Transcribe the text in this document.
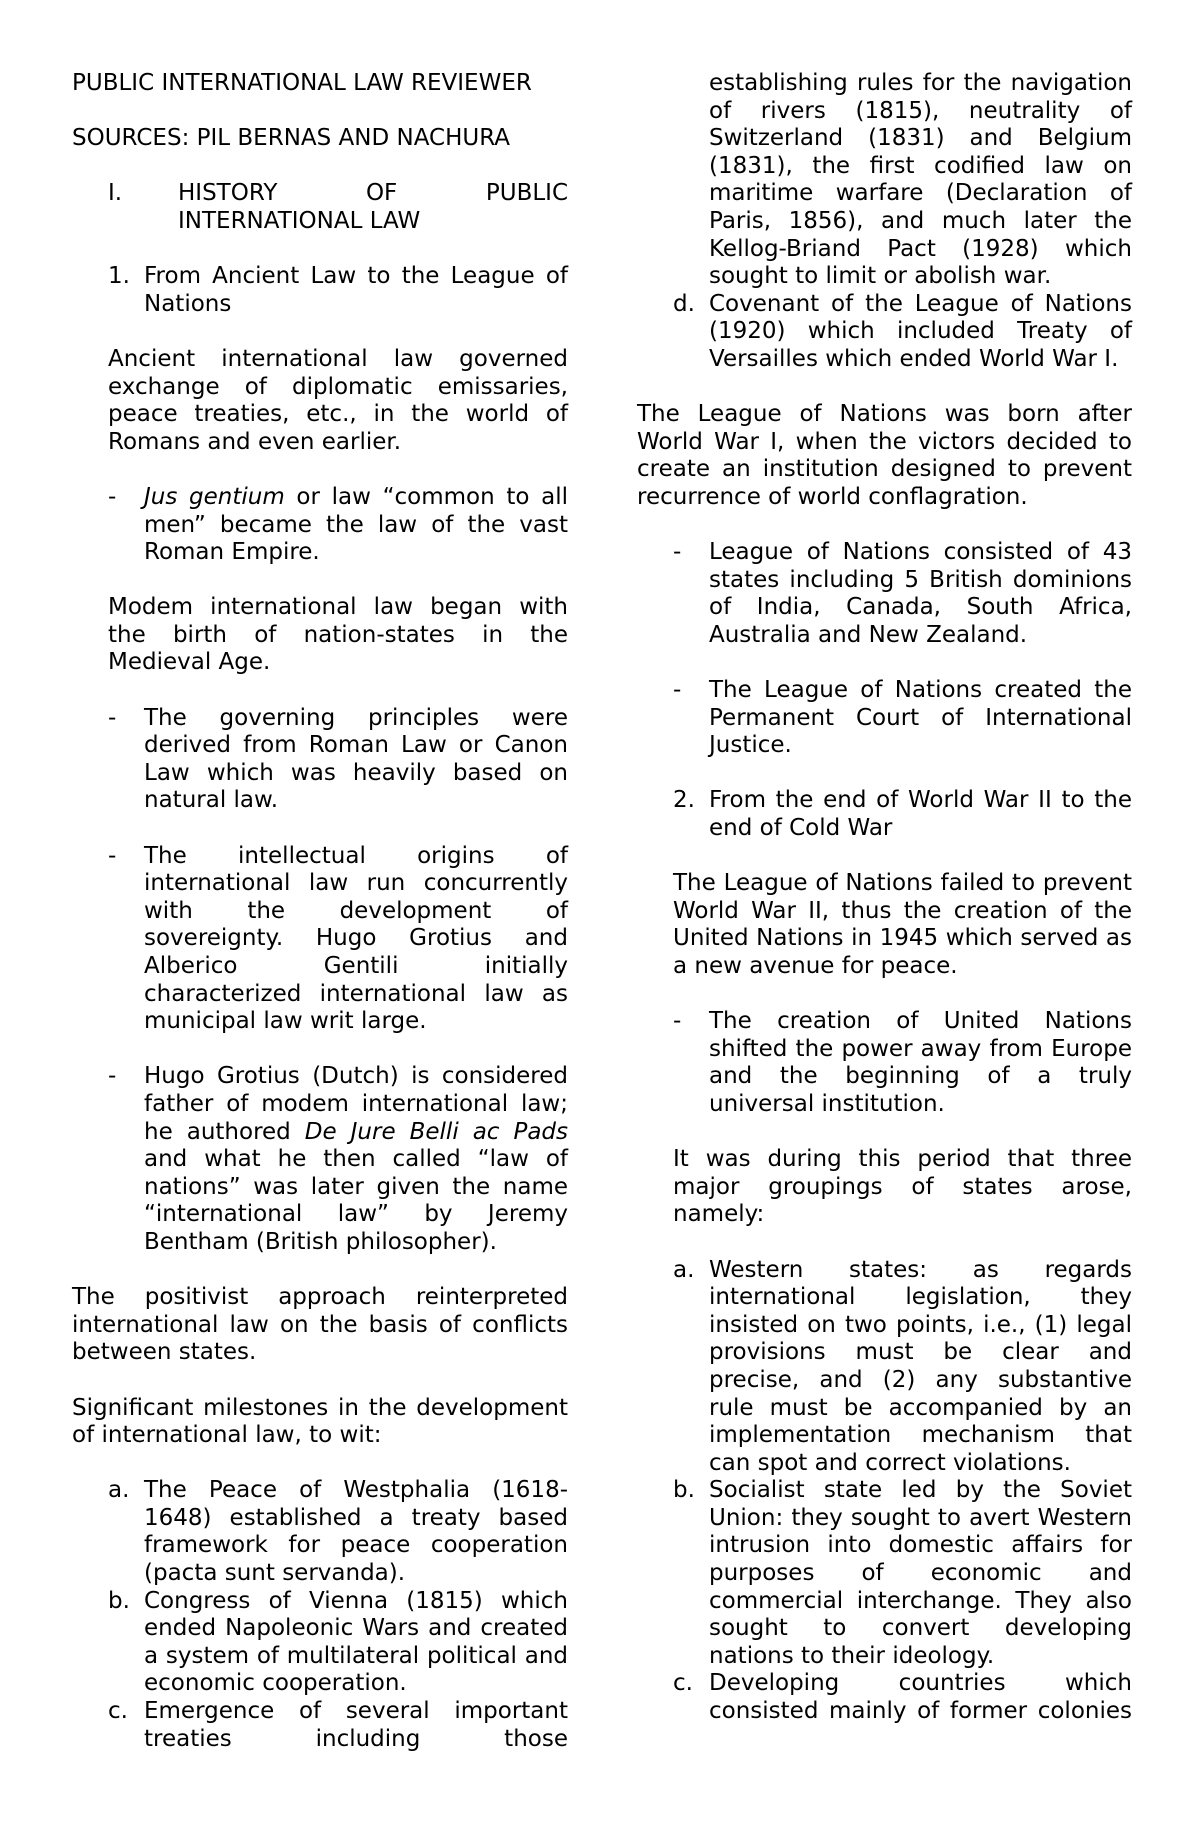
PUBLIC INTERNATIONAL LAW REVIEWER

SOURCES: PIL BERNAS AND NACHURA

I.	HISTORY OF PUBLIC

INTERNATIONAL LAW

1. From Ancient Law to the League of Nations

Ancient international law governed exchange of diplomatic emissaries, peace treaties, etc., in the world of Romans and even earlier.

-	Jus gentium or law “common to all men” became the law of the vast Roman Empire.

Modem international law began with the birth of nation-states in the Medieval Age.

-	The governing principles were derived from Roman Law or Canon Law which was heavily based on natural law.

-	The intellectual origins of international law run concurrently with the development of sovereignty. Hugo Grotius and Alberico Gentili initially characterized international law as municipal law writ large.

-	Hugo Grotius (Dutch) is considered father of modem international law; he authored De Jure Belli ac Pads and what he then called “law of nations” was later given the name “international law” by Jeremy Bentham (British philosopher).

The positivist approach reinterpreted international law on the basis of conflicts between states.

Significant milestones in the development of international law, to wit:

a. The Peace of Westphalia (1618-1648) established a treaty based framework for peace cooperation (pacta sunt servanda).

b. Congress of Vienna (1815) which ended Napoleonic Wars and created a system of multilateral political and economic cooperation.

c. Emergence of several important treaties including those

establishing rules for the navigation of rivers (1815), neutrality of Switzerland (1831) and Belgium (1831), the first codified law on maritime warfare (Declaration of Paris, 1856), and much later the Kellog-Briand Pact (1928) which sought to limit or abolish war.

d. Covenant of the League of Nations (1920) which included Treaty of Versailles which ended World War I.

The League of Nations was born after World War I, when the victors decided to create an institution designed to prevent recurrence of world conflagration.

-	League of Nations consisted of 43 states including 5 British dominions of India, Canada, South Africa, Australia and New Zealand.

-	The League of Nations created the Permanent Court of International Justice.

2. From the end of World War II to the end of Cold War

The League of Nations failed to prevent World War II, thus the creation of the United Nations in 1945 which served as a new avenue for peace.

-	The creation of United Nations shifted the power away from Europe and the beginning of a truly universal institution.

It was during this period that three major groupings of states arose, namely:

a. Western states: as regards international legislation, they insisted on two points, i.e., (1) legal provisions must be clear and precise, and (2) any substantive rule must be accompanied by an implementation mechanism that can spot and correct violations.

b. Socialist state led by the Soviet Union: they sought to avert Western intrusion into domestic affairs for purposes of economic and commercial interchange. They also sought to convert developing nations to their ideology.

c. Developing countries which consisted mainly of former colonies
